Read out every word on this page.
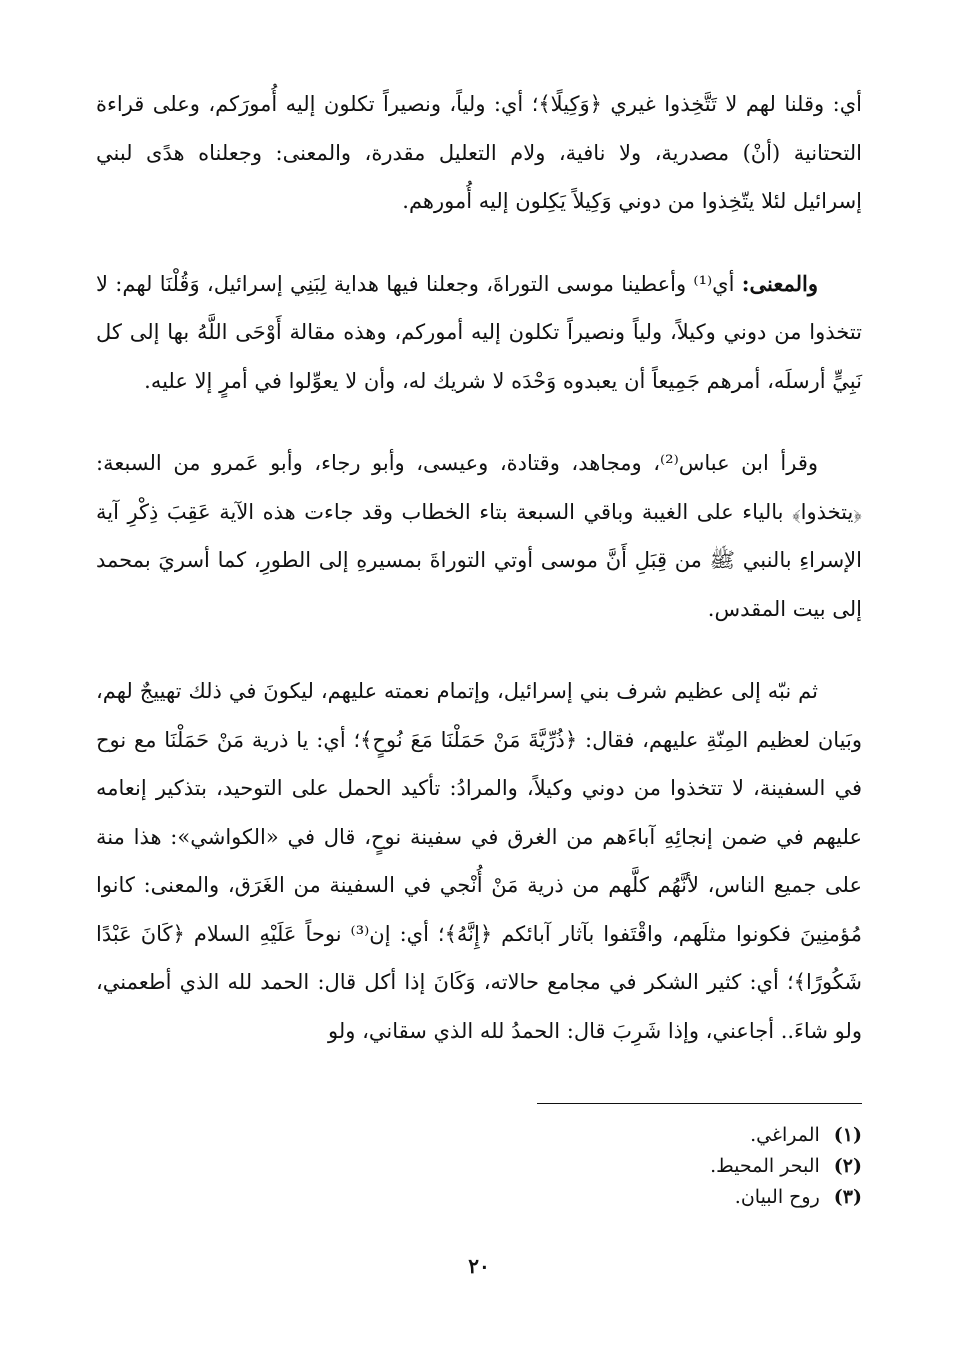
أي: وقلنا لهم لا تَتَّخِذوا غيري ﴿وَكِيلًا﴾؛ أي: ولياً، ونصيراً تكلون إليه أُمورَكم، وعلى قراءة التحتانية (أنْ) مصدرية، ولا نافية، ولام التعليل مقدرة، والمعنى: وجعلناه هدًى لبني إسرائيل لئلا يتّخِذوا من دوني وَكِيلاً يَكِلون إليه أُمورهم.

والمعنى: أي⁽¹⁾ وأعطينا موسى التوراةَ، وجعلنا فيها هداية لِبَنِي إسرائيل، وَقُلْنَا لهم: لا تتخذوا من دوني وكيلاً، ولياً ونصيراً تكلون إليه أموركم، وهذه مقالة أَوْحَى اللَّهُ بها إلى كل نَبِيٍّ أرسلَه، أمرهم جَمِيعاً أن يعبدوه وَحْدَه لا شريك له، وأن لا يعوِّلوا في أمرٍ إلا عليه.

وقرأ ابن عباس⁽²⁾، ومجاهد، وقتادة، وعيسى، وأبو رجاء، وأبو عَمرو من السبعة: ﴿يتخذوا﴾ بالياء على الغيبة وباقي السبعة بتاء الخطاب وقد جاءت هذه الآية عَقِبَ ذِكْرِ آية الإسراءِ بالنبي ﷺ من قِبَلِ أَنَّ موسى أوتي التوراةَ بمسيرهِ إلى الطورِ، كما أسريَ بمحمد إلى بيت المقدس.

ثم نبّه إلى عظيم شرف بني إسرائيل، وإتمام نعمته عليهم، ليكونَ في ذلك تهييجٌ لهم، وبَيان لعظيم المِنّةِ عليهم، فقال: ﴿ذُرِّيَّةَ مَنْ حَمَلْنَا مَعَ نُوحٍ﴾؛ أي: يا ذرية مَنْ حَمَلْنَا مع نوح في السفينة، لا تتخذوا من دوني وكيلاً، والمرادُ: تأكيد الحمل على التوحيد، بتذكير إنعامه عليهم في ضمن إنجائِهِ آباءَهم من الغرق في سفينة نوحٍ، قال في «الكواشي»: هذا منة على جميع الناس، لأنَّهُم كلَّهم من ذرية مَنْ أُنْجي في السفينة من الغَرَق، والمعنى: كانوا مُؤمنِينَ فكونوا مثلَهم، واقْتَفوا بآثار آبائكم ﴿إِنَّهُ﴾؛ أي: إن⁽³⁾ نوحاً عَلَيْهِ السلام ﴿كَانَ عَبْدًا شَكُورًا﴾؛ أي: كثير الشكر في مجامع حالاته، وَكَانَ إذا أكل قال: الحمد لله الذي أطعمني، ولو شاءَ.. أجاعني، وإذا شَرِبَ قال: الحمدُ لله الذي سقاني، ولو

(١)
المراغي.
(٢)
البحر المحيط.
(٣)
روح البيان.
٢٠
